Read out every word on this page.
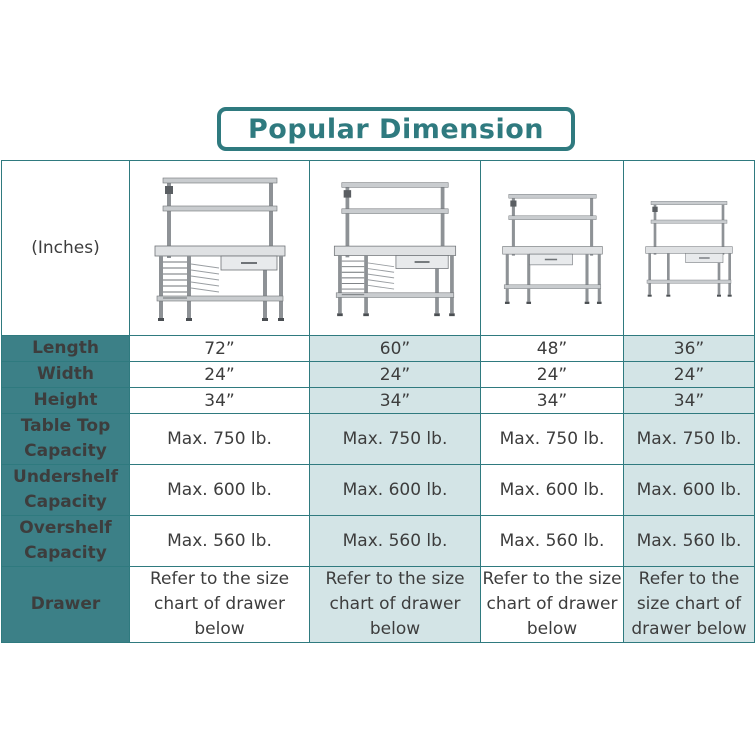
Popular Dimension
(Inches)	

Length	72”	60”	48”	36”
Width	24”	24”	24”	24”
Height	34”	34”	34”	34”
Table Top Capacity	Max. 750 lb.	Max. 750 lb.	Max. 750 lb.	Max. 750 lb.
Undershelf Capacity	Max. 600 lb.	Max. 600 lb.	Max. 600 lb.	Max. 600 lb.
Overshelf Capacity	Max. 560 lb.	Max. 560 lb.	Max. 560 lb.	Max. 560 lb.
Drawer	Refer to the size chart of drawer below	Refer to the size chart of drawer below	Refer to the size chart of drawer below	Refer to the size chart of drawer below
